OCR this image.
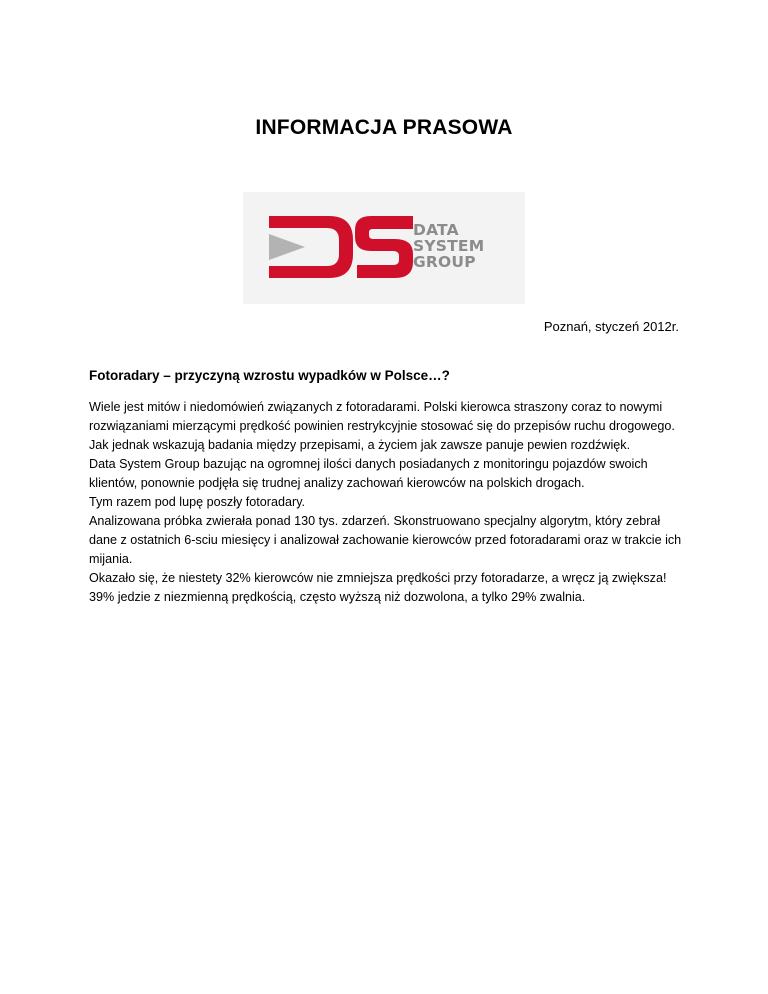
INFORMACJA PRASOWA
DATA
SYSTEM
GROUP

Poznań, styczeń 2012r.

Fotoradary – przyczyną wzrostu wypadków w Polsce…?

Wiele jest mitów i niedomówień związanych z fotoradarami. Polski kierowca straszony coraz to nowymi rozwiązaniami mierzącymi prędkość powinien restrykcyjnie stosować się do przepisów ruchu drogowego.

Jak jednak wskazują badania między przepisami, a życiem jak zawsze panuje pewien rozdźwięk.

Data System Group bazując na ogromnej ilości danych posiadanych z monitoringu pojazdów swoich klientów, ponownie podjęła się trudnej analizy zachowań kierowców na polskich drogach.

Tym razem pod lupę poszły fotoradary.

Analizowana próbka zwierała ponad 130 tys. zdarzeń. Skonstruowano specjalny algorytm, który zebrał dane z ostatnich 6-sciu miesięcy i analizował zachowanie kierowców przed fotoradarami oraz w trakcie ich mijania.

Okazało się, że niestety 32% kierowców nie zmniejsza prędkości przy fotoradarze, a wręcz ją zwiększa! 39% jedzie z niezmienną prędkością, często wyższą niż dozwolona, a tylko 29% zwalnia.
